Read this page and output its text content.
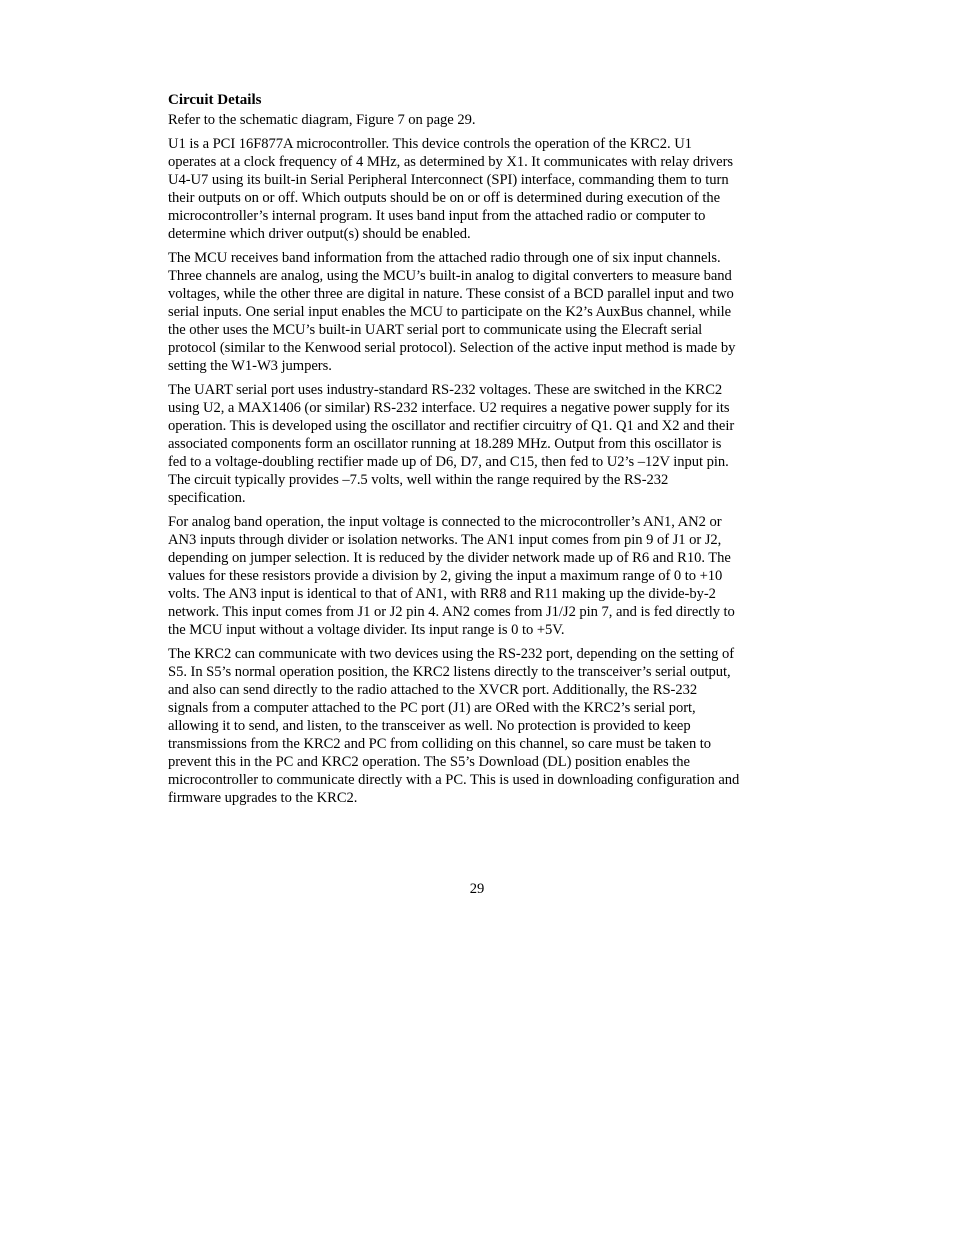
Circuit Details

Refer to the schematic diagram, Figure 7 on page 29.

U1 is a PCI 16F877A microcontroller. This device controls the operation of the KRC2. U1
operates at a clock frequency of 4 MHz, as determined by X1. It communicates with relay drivers
U4-U7 using its built-in Serial Peripheral Interconnect (SPI) interface, commanding them to turn
their outputs on or off. Which outputs should be on or off is determined during execution of the
microcontroller’s internal program. It uses band input from the attached radio or computer to
determine which driver output(s) should be enabled.

The MCU receives band information from the attached radio through one of six input channels.
Three channels are analog, using the MCU’s built-in analog to digital converters to measure band
voltages, while the other three are digital in nature. These consist of a BCD parallel input and two
serial inputs. One serial input enables the MCU to participate on the K2’s AuxBus channel, while
the other uses the MCU’s built-in UART serial port to communicate using the Elecraft serial
protocol (similar to the Kenwood serial protocol). Selection of the active input method is made by
setting the W1-W3 jumpers.

The UART serial port uses industry-standard RS-232 voltages. These are switched in the KRC2
using U2, a MAX1406 (or similar) RS-232 interface. U2 requires a negative power supply for its
operation. This is developed using the oscillator and rectifier circuitry of Q1. Q1 and X2 and their
associated components form an oscillator running at 18.289 MHz. Output from this oscillator is
fed to a voltage-doubling rectifier made up of D6, D7, and C15, then fed to U2’s –12V input pin.
The circuit typically provides –7.5 volts, well within the range required by the RS-232
specification.

For analog band operation, the input voltage is connected to the microcontroller’s AN1, AN2 or
AN3 inputs through divider or isolation networks. The AN1 input comes from pin 9 of J1 or J2,
depending on jumper selection. It is reduced by the divider network made up of R6 and R10. The
values for these resistors provide a division by 2, giving the input a maximum range of 0 to +10
volts. The AN3 input is identical to that of AN1, with RR8 and R11 making up the divide-by-2
network. This input comes from J1 or J2 pin 4. AN2 comes from J1/J2 pin 7, and is fed directly to
the MCU input without a voltage divider. Its input range is 0 to +5V.

The KRC2 can communicate with two devices using the RS-232 port, depending on the setting of
S5. In S5’s normal operation position, the KRC2 listens directly to the transceiver’s serial output,
and also can send directly to the radio attached to the XVCR port. Additionally, the RS-232
signals from a computer attached to the PC port (J1) are ORed with the KRC2’s serial port,
allowing it to send, and listen, to the transceiver as well. No protection is provided to keep
transmissions from the KRC2 and PC from colliding on this channel, so care must be taken to
prevent this in the PC and KRC2 operation. The S5’s Download (DL) position enables the
microcontroller to communicate directly with a PC. This is used in downloading configuration and
firmware upgrades to the KRC2.

29
